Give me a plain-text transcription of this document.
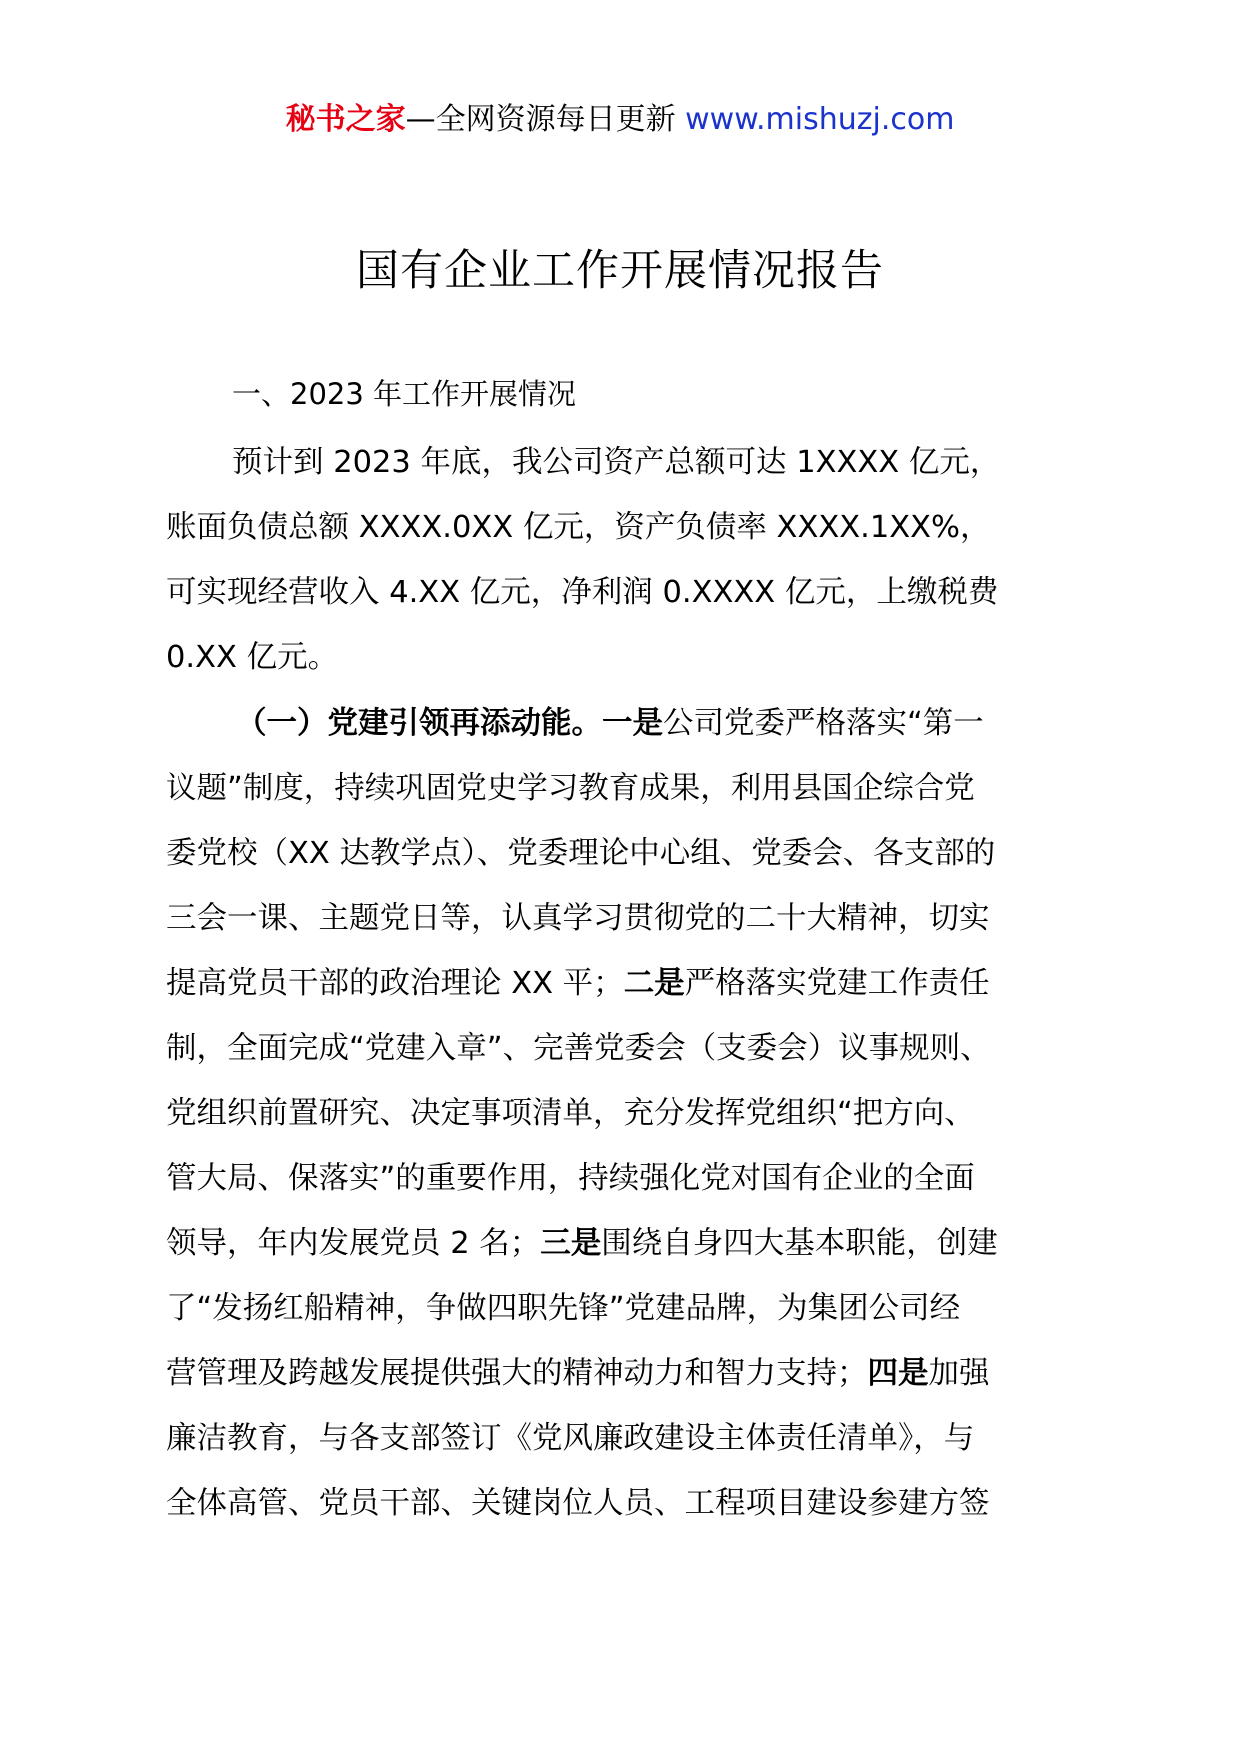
秘书之家—全网资源每日更新 www.mishuzj.com
国有企业工作开展情况报告
一、2023 年工作开展情况
预计到 2023 年底，我公司资产总额可达 1XXXX 亿元，
账面负债总额 XXXX.0XX 亿元，资产负债率 XXXX.1XX%，
可实现经营收入 4.XX 亿元，净利润 0.XXXX 亿元，上缴税费
0.XX 亿元。
（一）党建引领再添动能。一是公司党委严格落实“第一
议题”制度，持续巩固党史学习教育成果，利用县国企综合党
委党校（XX 达教学点）、党委理论中心组、党委会、各支部的
三会一课、主题党日等，认真学习贯彻党的二十大精神，切实
提高党员干部的政治理论 XX 平；二是严格落实党建工作责任
制，全面完成“党建入章”、完善党委会（支委会）议事规则、
党组织前置研究、决定事项清单，充分发挥党组织“把方向、
管大局、保落实”的重要作用，持续强化党对国有企业的全面
领导，年内发展党员 2 名；三是围绕自身四大基本职能，创建
了“发扬红船精神，争做四职先锋”党建品牌，为集团公司经
营管理及跨越发展提供强大的精神动力和智力支持；四是加强
廉洁教育，与各支部签订《党风廉政建设主体责任清单》，与
全体高管、党员干部、关键岗位人员、工程项目建设参建方签
